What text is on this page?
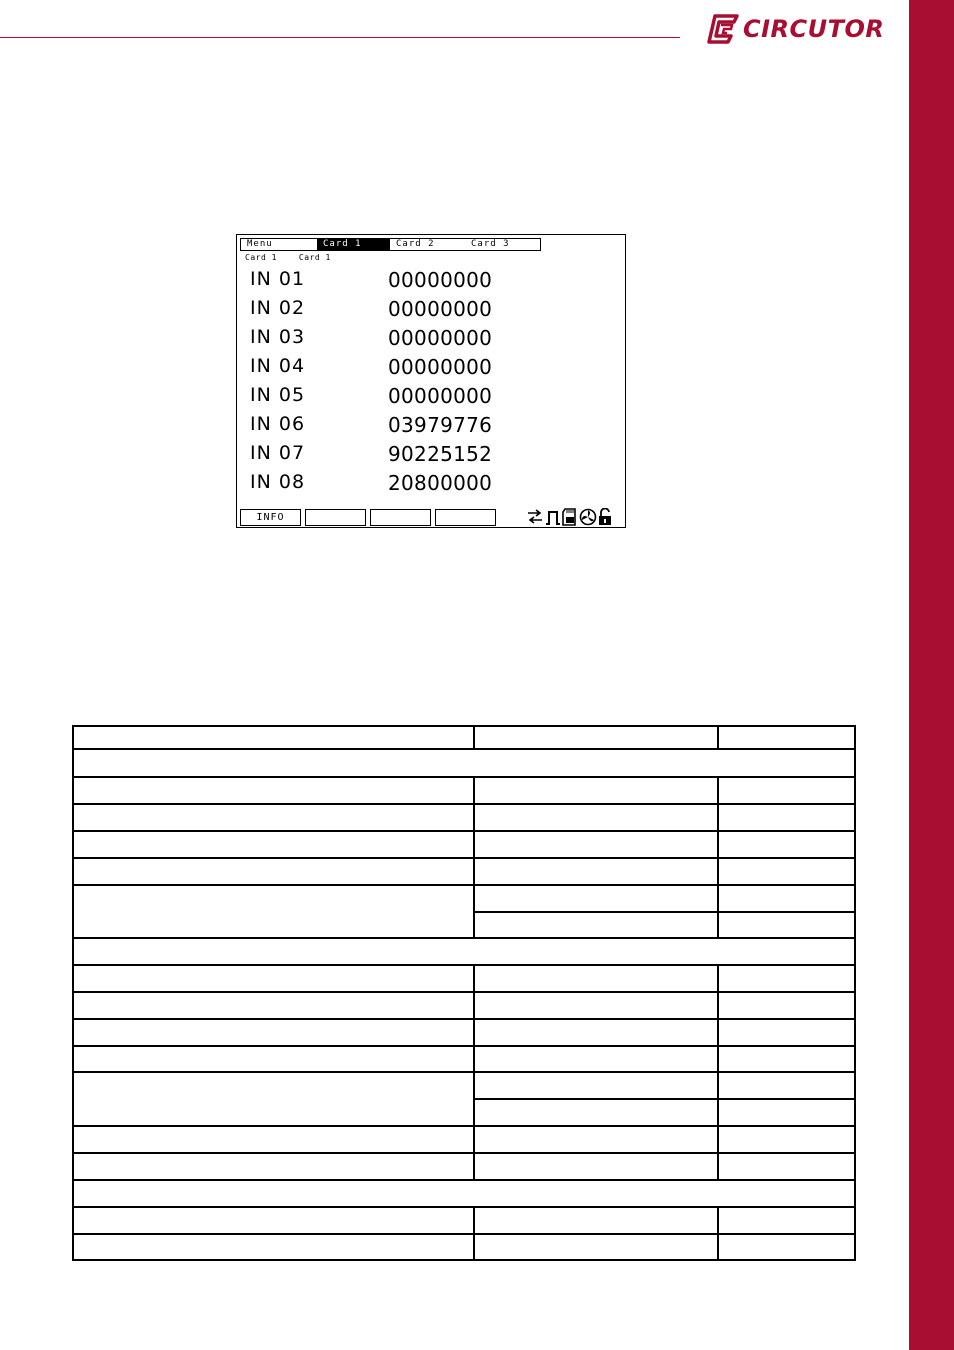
CIRCUTOR
Menu	Card 1	Card 2	Card 3
Card 1	Card 1
IN 01	00000000
IN 02	00000000
IN 03	00000000
IN 04	00000000
IN 05	00000000
IN 06	03979776
IN 07	90225152
IN 08	20800000
INFO
